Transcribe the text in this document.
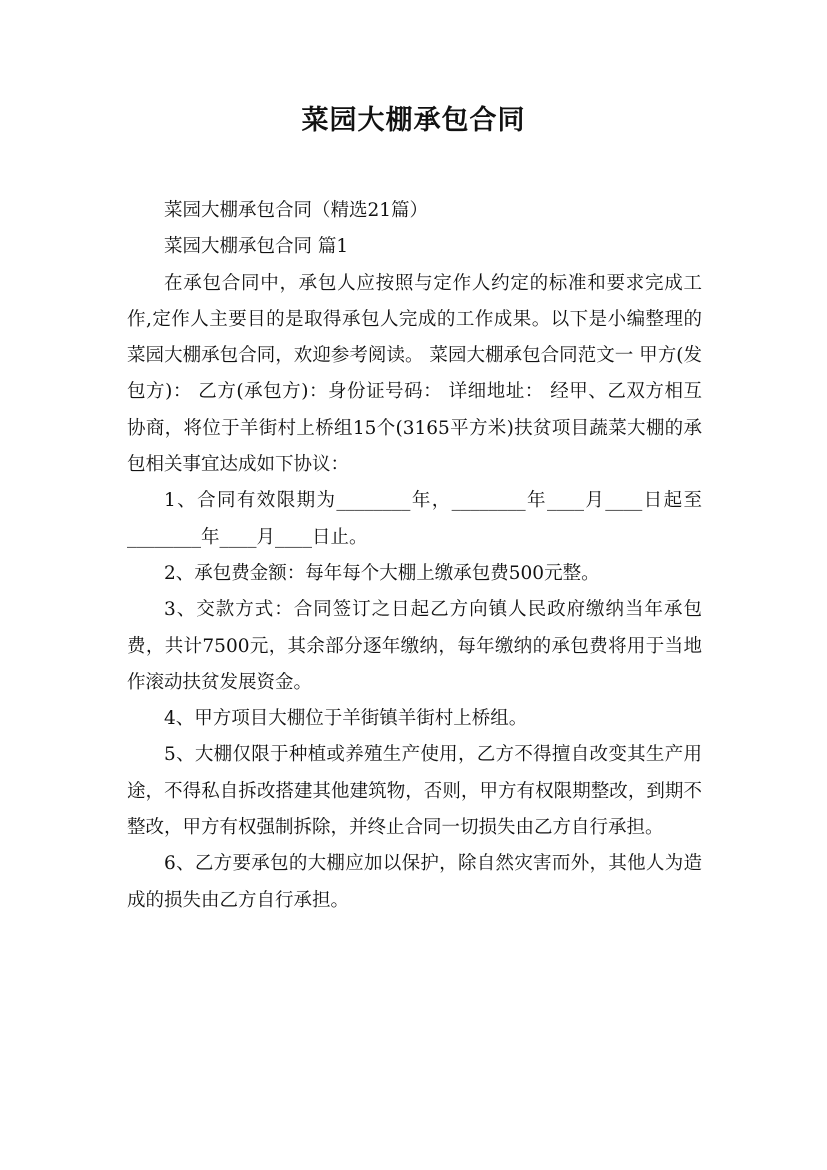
菜园大棚承包合同

菜园大棚承包合同（精选21篇）

菜园大棚承包合同 篇1

在承包合同中，承包人应按照与定作人约定的标准和要求完成工作,定作人主要目的是取得承包人完成的工作成果。以下是小编整理的菜园大棚承包合同，欢迎参考阅读。 菜园大棚承包合同范文一 甲方(发包方)： 乙方(承包方)：身份证号码： 详细地址： 经甲、乙双方相互协商，将位于羊街村上桥组15个(3165平方米)扶贫项目蔬菜大棚的承包相关事宜达成如下协议：

1、合同有效限期为________年，________年____月____日起至________年____月____日止。

2、承包费金额：每年每个大棚上缴承包费500元整。

3、交款方式：合同签订之日起乙方向镇人民政府缴纳当年承包费，共计7500元，其余部分逐年缴纳，每年缴纳的承包费将用于当地作滚动扶贫发展资金。

4、甲方项目大棚位于羊街镇羊街村上桥组。

5、大棚仅限于种植或养殖生产使用，乙方不得擅自改变其生产用途，不得私自拆改搭建其他建筑物，否则，甲方有权限期整改，到期不整改，甲方有权强制拆除，并终止合同一切损失由乙方自行承担。

6、乙方要承包的大棚应加以保护，除自然灾害而外，其他人为造成的损失由乙方自行承担。
